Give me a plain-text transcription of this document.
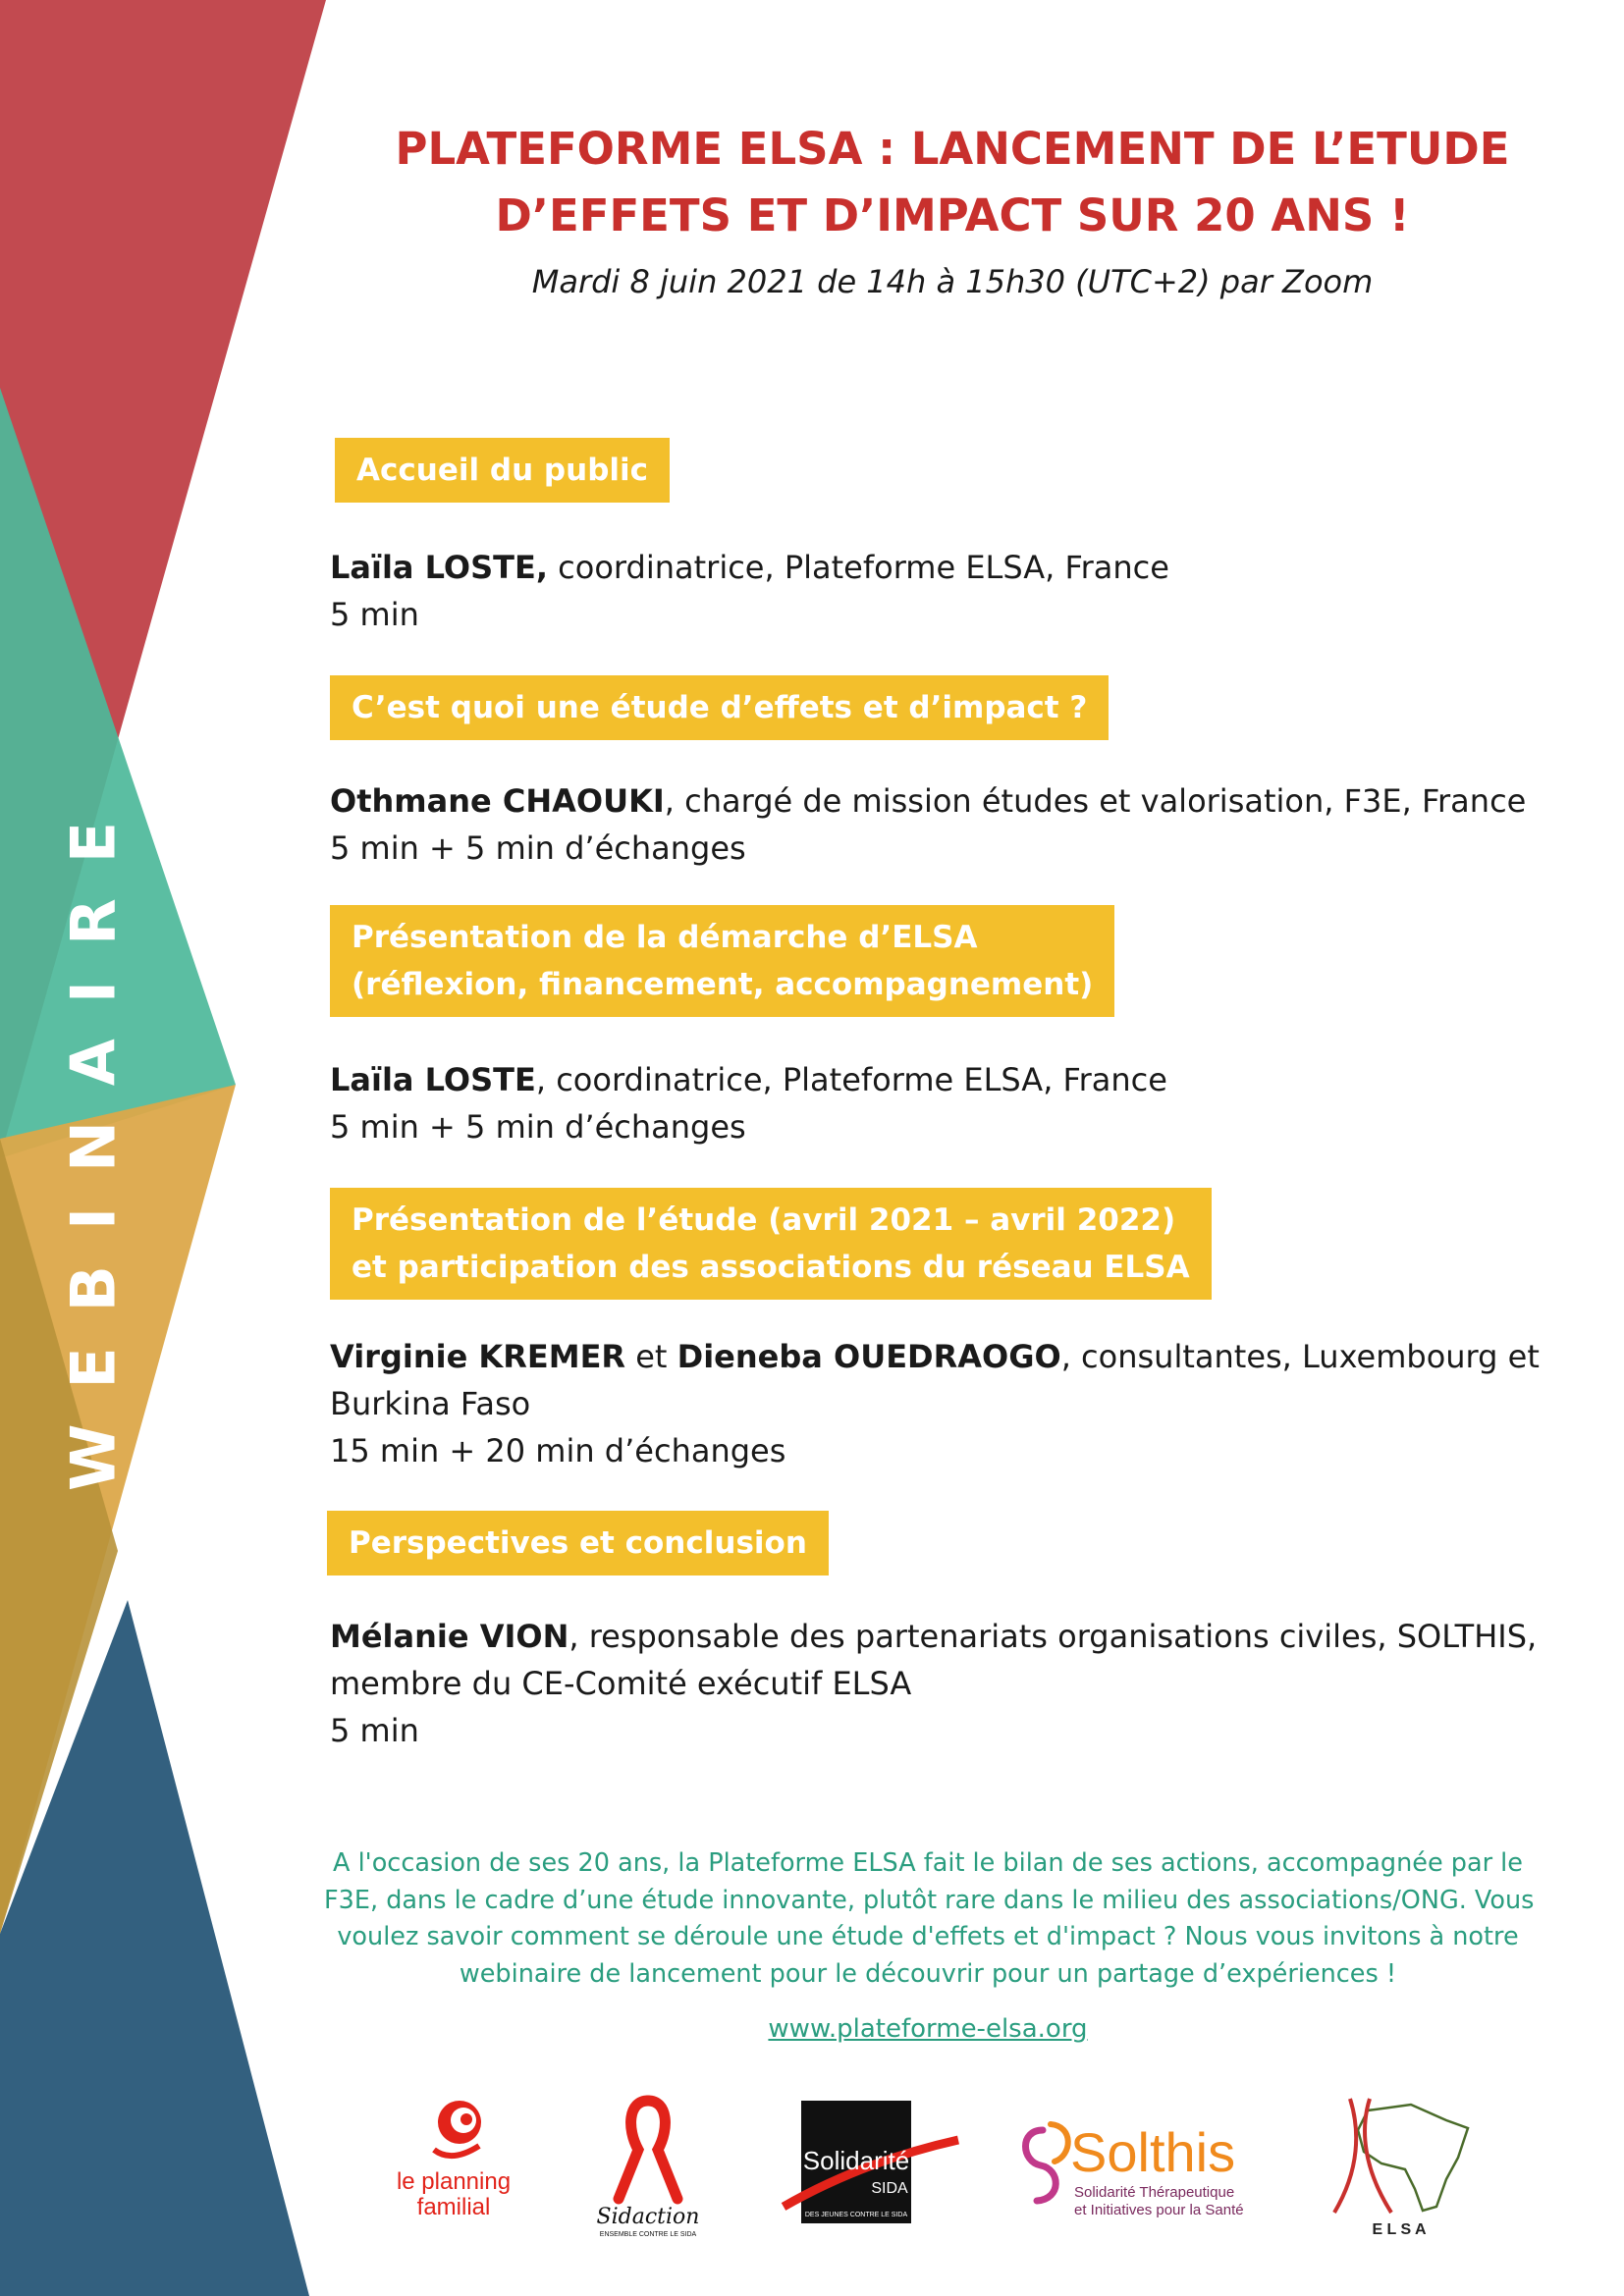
WEBINAIRE
PLATEFORME ELSA : LANCEMENT DE L’ETUDE
D’EFFETS ET D’IMPACT SUR 20 ANS !
Mardi 8 juin 2021 de 14h à 15h30 (UTC+2) par Zoom
Accueil du public
Laïla LOSTE, coordinatrice, Plateforme ELSA, France
5 min
C’est quoi une étude d’effets et d’impact ?
Othmane CHAOUKI, chargé de mission études et valorisation, F3E, France
5 min + 5 min d’échanges
Présentation de la démarche d’ELSA
(réflexion, financement, accompagnement)
Laïla LOSTE, coordinatrice, Plateforme ELSA, France
5 min + 5 min d’échanges
Présentation de l’étude (avril 2021 – avril 2022)
et participation des associations du réseau ELSA
Virginie KREMER et Dieneba OUEDRAOGO, consultantes, Luxembourg et
Burkina Faso
15 min + 20 min d’échanges
Perspectives et conclusion
Mélanie VION, responsable des partenariats organisations civiles, SOLTHIS,
membre du CE-Comité exécutif ELSA
5 min
A l'occasion de ses 20 ans, la Plateforme ELSA fait le bilan de ses actions, accompagnée par le
F3E, dans le cadre d’une étude innovante, plutôt rare dans le milieu des associations/ONG. Vous
voulez savoir comment se déroule une étude d'effets et d'impact ? Nous vous invitons à notre
webinaire de lancement pour le découvrir pour un partage d’expériences !
www.plateforme-elsa.org
le planning
familial	Sidaction
ENSEMBLE CONTRE LE SIDA
Solidarité
SIDA
DES JEUNES CONTRE LE SIDA
Solthis
Solidarité Thérapeutique
et Initiatives pour la Santé
E L S A
